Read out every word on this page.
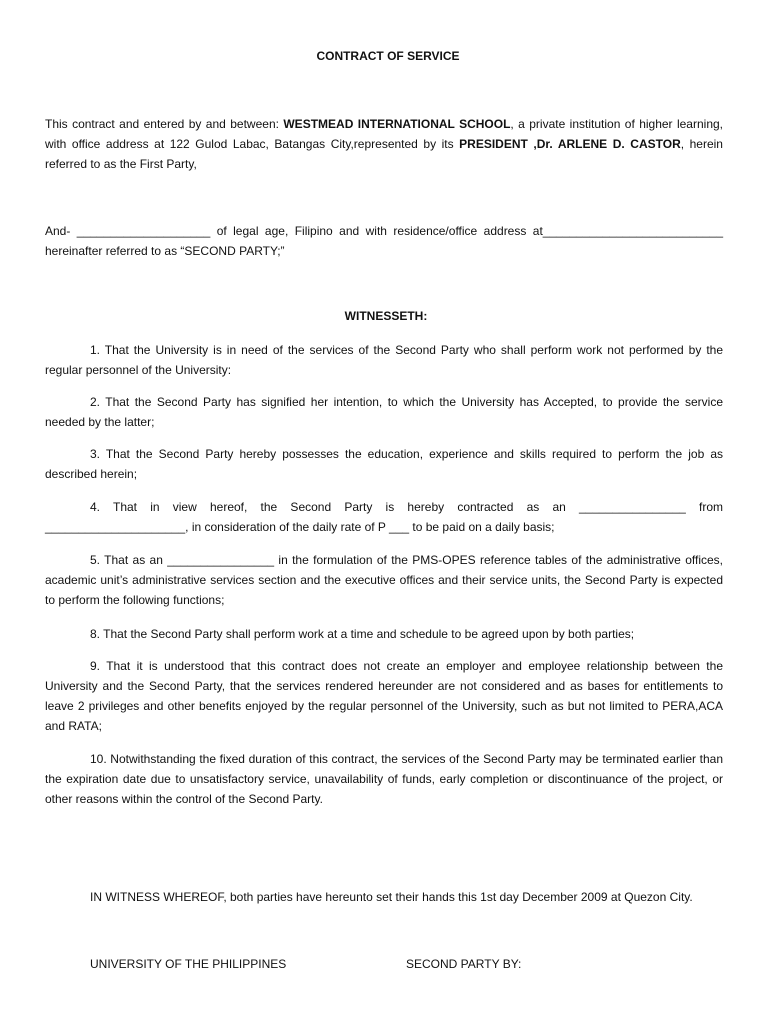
CONTRACT OF SERVICE
This contract and entered by and between: WESTMEAD INTERNATIONAL SCHOOL, a private institution of higher learning, with office address at 122 Gulod Labac, Batangas City,represented by its PRESIDENT ,Dr. ARLENE D. CASTOR, herein referred to as the First Party,
And- ____________________ of legal age, Filipino and with residence/office address at___________________________ hereinafter referred to as “SECOND PARTY;”
WITNESSETH:
1. That the University is in need of the services of the Second Party who shall perform work not performed by the regular personnel of the University:
2. That the Second Party has signified her intention, to which the University has Accepted, to provide the service needed by the latter;
3. That the Second Party hereby possesses the education, experience and skills required to perform the job as described herein;
4. That in view hereof, the Second Party is hereby contracted as an ________________ from _____________________, in consideration of the daily rate of P ___ to be paid on a daily basis;
5. That as an ________________ in the formulation of the PMS-OPES reference tables of the administrative offices, academic unit’s administrative services section and the executive offices and their service units, the Second Party is expected to perform the following functions;
8. That the Second Party shall perform work at a time and schedule to be agreed upon by both parties;
9. That it is understood that this contract does not create an employer and employee relationship between the University and the Second Party, that the services rendered hereunder are not considered and as bases for entitlements to leave 2 privileges and other benefits enjoyed by the regular personnel of the University, such as but not limited to PERA,ACA and RATA;
10. Notwithstanding the fixed duration of this contract, the services of the Second Party may be terminated earlier than the expiration date due to unsatisfactory service, unavailability of funds, early completion or discontinuance of the project, or other reasons within the control of the Second Party.
IN WITNESS WHEREOF, both parties have hereunto set their hands this 1st day December 2009 at Quezon City.
UNIVERSITY OF THE PHILIPPINES	SECOND PARTY BY:
